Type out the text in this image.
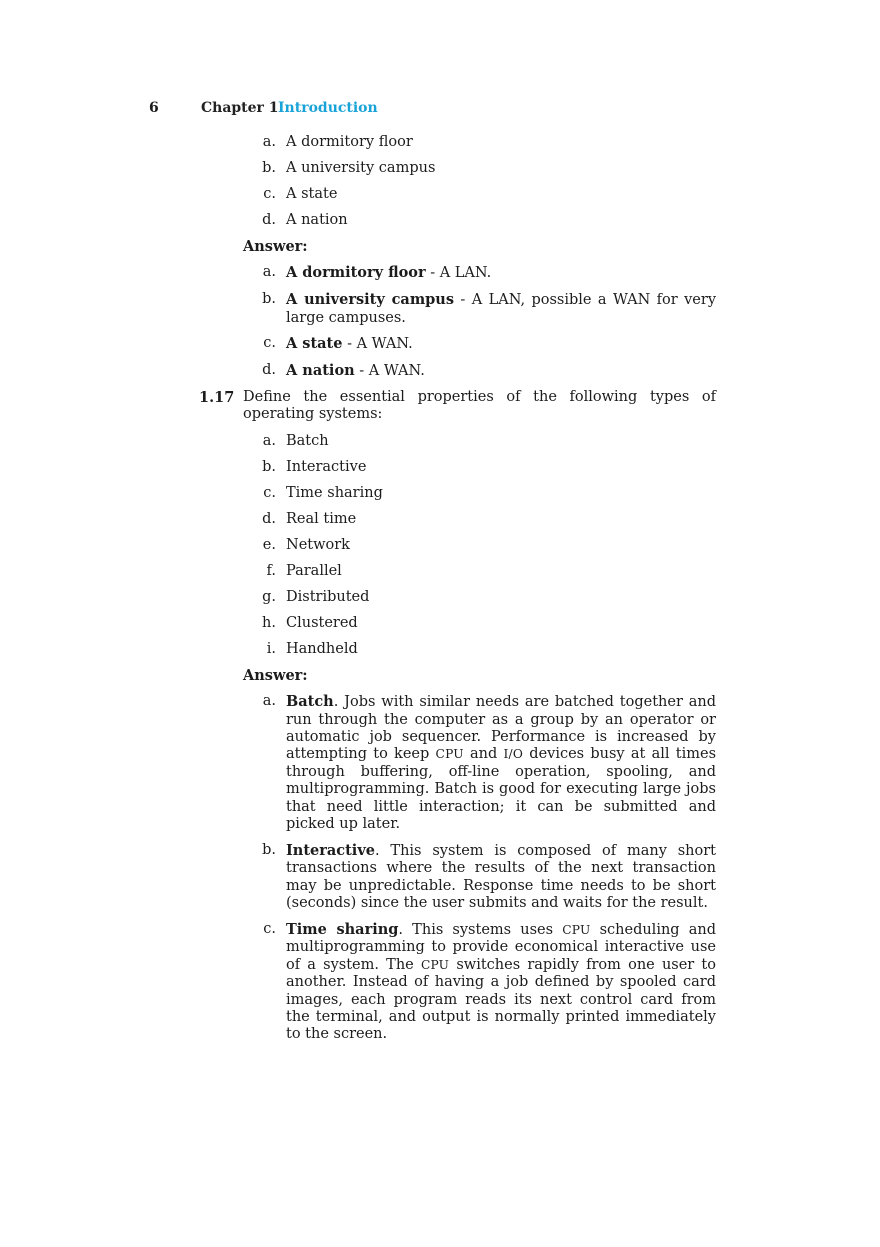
6	Chapter 1 Introduction
a. A dormitory floor
b. A university campus
c. A state
d. A nation
Answer:
a. A dormitory floor - A LAN.
b. A university campus - A LAN, possible a WAN for very large campuses.
c. A state - A WAN.
d. A nation - A WAN.
1.17 Define the essential properties of the following types of operating systems:
a. Batch
b. Interactive
c. Time sharing
d. Real time
e. Network
f. Parallel
g. Distributed
h. Clustered
i. Handheld
Answer:
a. Batch. Jobs with similar needs are batched together and run through the computer as a group by an operator or automatic job sequencer. Performance is increased by attempting to keep CPU and I/O devices busy at all times through buffering, off-line operation, spooling, and multiprogramming. Batch is good for executing large jobs that need little interaction; it can be submitted and picked up later.
b. Interactive. This system is composed of many short transactions where the results of the next transaction may be unpredictable. Response time needs to be short (seconds) since the user submits and waits for the result.
c. Time sharing. This systems uses CPU scheduling and multiprogramming to provide economical interactive use of a system. The CPU switches rapidly from one user to another. Instead of having a job defined by spooled card images, each program reads its next control card from the terminal, and output is normally printed immediately to the screen.
